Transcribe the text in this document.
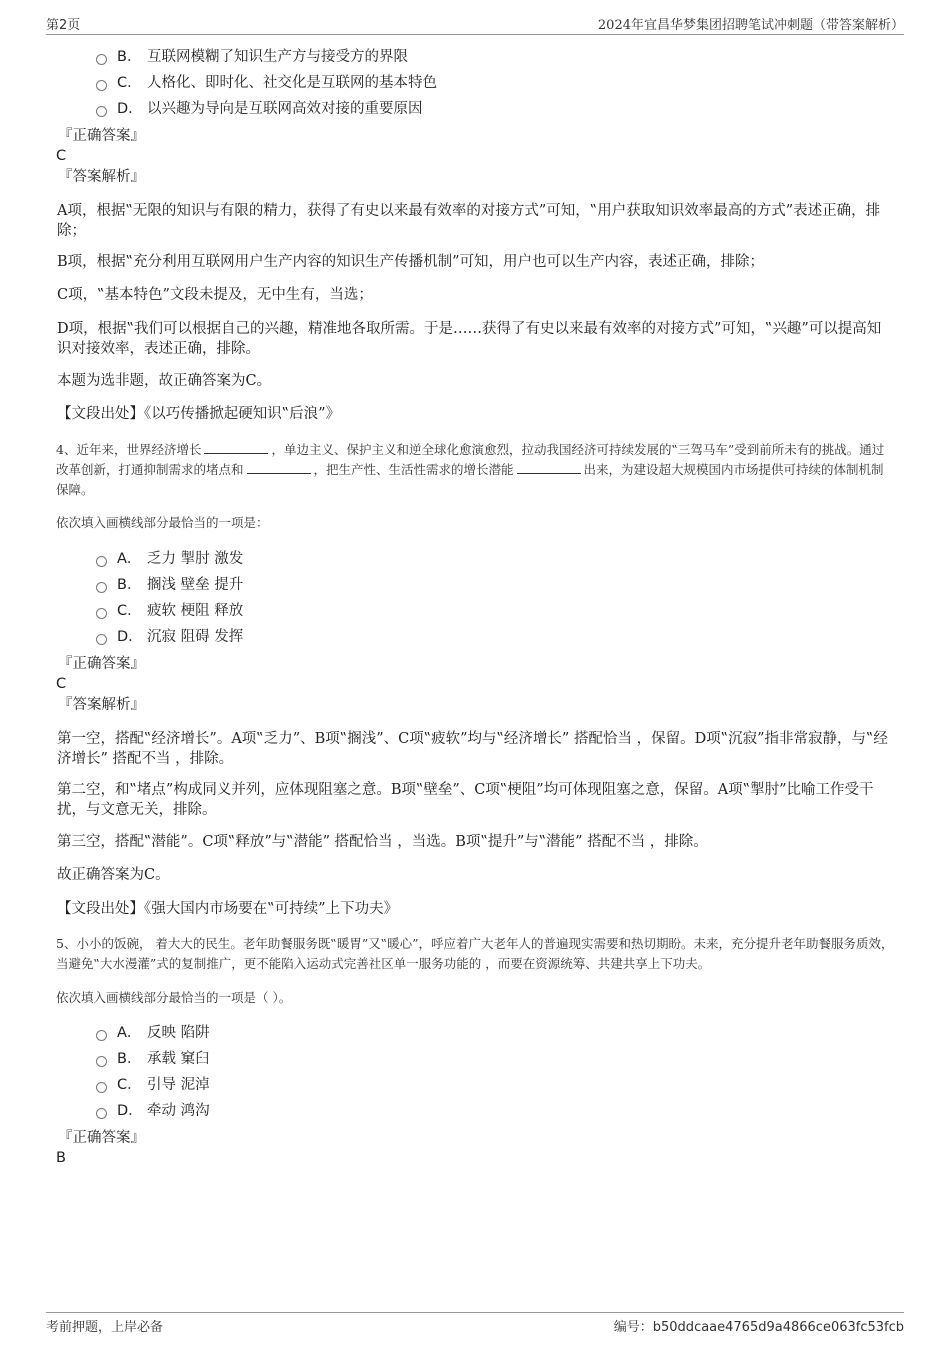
第2页	2024年宜昌华梦集团招聘笔试冲刺题（带答案解析）
B． 互联网模糊了知识生产方与接受方的界限
C． 人格化、即时化、社交化是互联网的基本特色
D． 以兴趣为导向是互联网高效对接的重要原因
『正确答案』
C
『答案解析』
A项，根据‟无限的知识与有限的精力，获得了有史以来最有效率的对接方式”可知，‟用户获取知识效率最高的方式”表述正确，排除；
B项，根据‟充分利用互联网用户生产内容的知识生产传播机制”可知，用户也可以生产内容，表述正确，排除；
C项，‟基本特色”文段未提及，无中生有，当选；
D项，根据‟我们可以根据自己的兴趣，精准地各取所需。于是……获得了有史以来最有效率的对接方式”可知，‟兴趣”可以提高知识对接效率，表述正确，排除。
本题为选非题，故正确答案为C。
【文段出处】《以巧传播掀起硬知识‟后浪”》
4、近年来，世界经济增长	，单边主义、保护主义和逆全球化愈演愈烈，拉动我国经济可持续发展的‟三驾马车”受到前所未有的挑战。通过改革创新，打通抑制需求的堵点和	，把生产性、生活性需求的增长潜能	出来，为建设超大规模国内市场提供可持续的体制机制保障。
依次填入画横线部分最恰当的一项是：
A． 乏力 掣肘 激发
B． 搁浅 壁垒 提升
C． 疲软 梗阻 释放
D． 沉寂 阻碍 发挥
『正确答案』
C
『答案解析』
第一空，搭配‟经济增长”。A项‟乏力”、B项‟搁浅”、C项‟疲软”均与‟经济增长” 搭配恰当 ，保留。D项‟沉寂”指非常寂静，与‟经济增长” 搭配不当 ，排除。
第二空，和‟堵点”构成同义并列，应体现阻塞之意。B项‟壁垒”、C项‟梗阻”均可体现阻塞之意，保留。A项‟掣肘”比喻工作受干扰，与文意无关，排除。
第三空，搭配‟潜能”。C项‟释放”与‟潜能” 搭配恰当 ，当选。B项‟提升”与‟潜能” 搭配不当 ，排除。
故正确答案为C。
【文段出处】《强大国内市场要在‟可持续”上下功夫》
5、小小的饭碗， 着大大的民生。老年助餐服务既‟暖胃”又‟暖心”，呼应着广大老年人的普遍现实需要和热切期盼。未来，充分提升老年助餐服务质效，当避免‟大水漫灌”式的复制推广，更不能陷入运动式完善社区单一服务功能的 ，而要在资源统筹、共建共享上下功夫。
依次填入画横线部分最恰当的一项是（ ）。
A． 反映 陷阱
B． 承载 窠臼
C． 引导 泥淖
D． 牵动 鸿沟
『正确答案』
B
考前押题，上岸必备	编号：b50ddcaae4765d9a4866ce063fc53fcb
